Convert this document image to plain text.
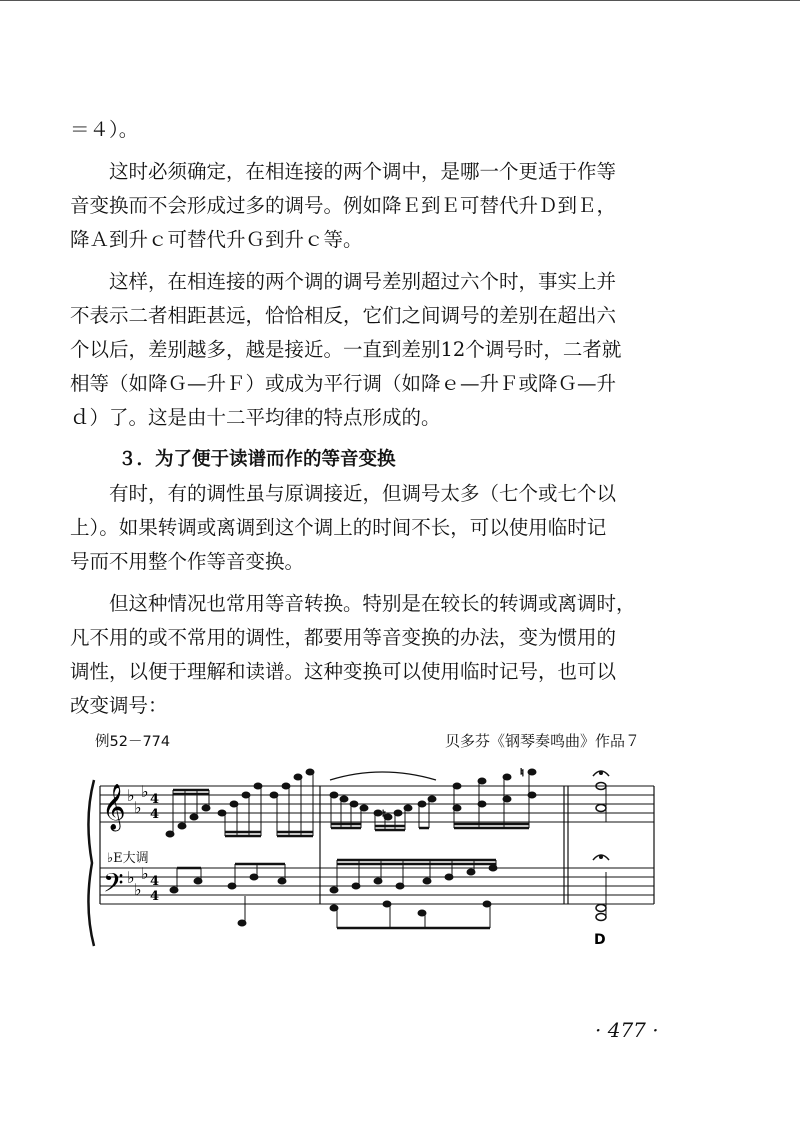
＝４）。

这时必须确定，在相连接的两个调中，是哪一个更适于作等
音变换而不会形成过多的调号。例如降Ｅ到Ｅ可替代升Ｄ到Ｅ，
降Ａ到升ｃ可替代升Ｇ到升ｃ等。

这样，在相连接的两个调的调号差别超过六个时，事实上并
不表示二者相距甚远，恰恰相反，它们之间调号的差别在超出六
个以后，差别越多，越是接近。一直到差别12个调号时，二者就
相等（如降Ｇ—升Ｆ）或成为平行调（如降ｅ—升Ｆ或降Ｇ—升
ｄ）了。这是由十二平均律的特点形成的。

３．为了便于读谱而作的等音变换

有时，有的调性虽与原调接近，但调号太多（七个或七个以
上）。如果转调或离调到这个调上的时间不长，可以使用临时记
号而不用整个作等音变换。

但这种情况也常用等音转换。特别是在较长的转调或离调时，
凡不用的或不常用的调性，都要用等音变换的办法，变为惯用的
调性，以便于理解和读谱。这种变换可以使用临时记号，也可以
改变调号：

例52－774	贝多芬《钢琴奏鸣曲》作品７
𝄞
𝄢
♭
♭
♭
♭
♭
♭
4
4
4
4
♮
♮
D
♭E大调
· 477 ·
